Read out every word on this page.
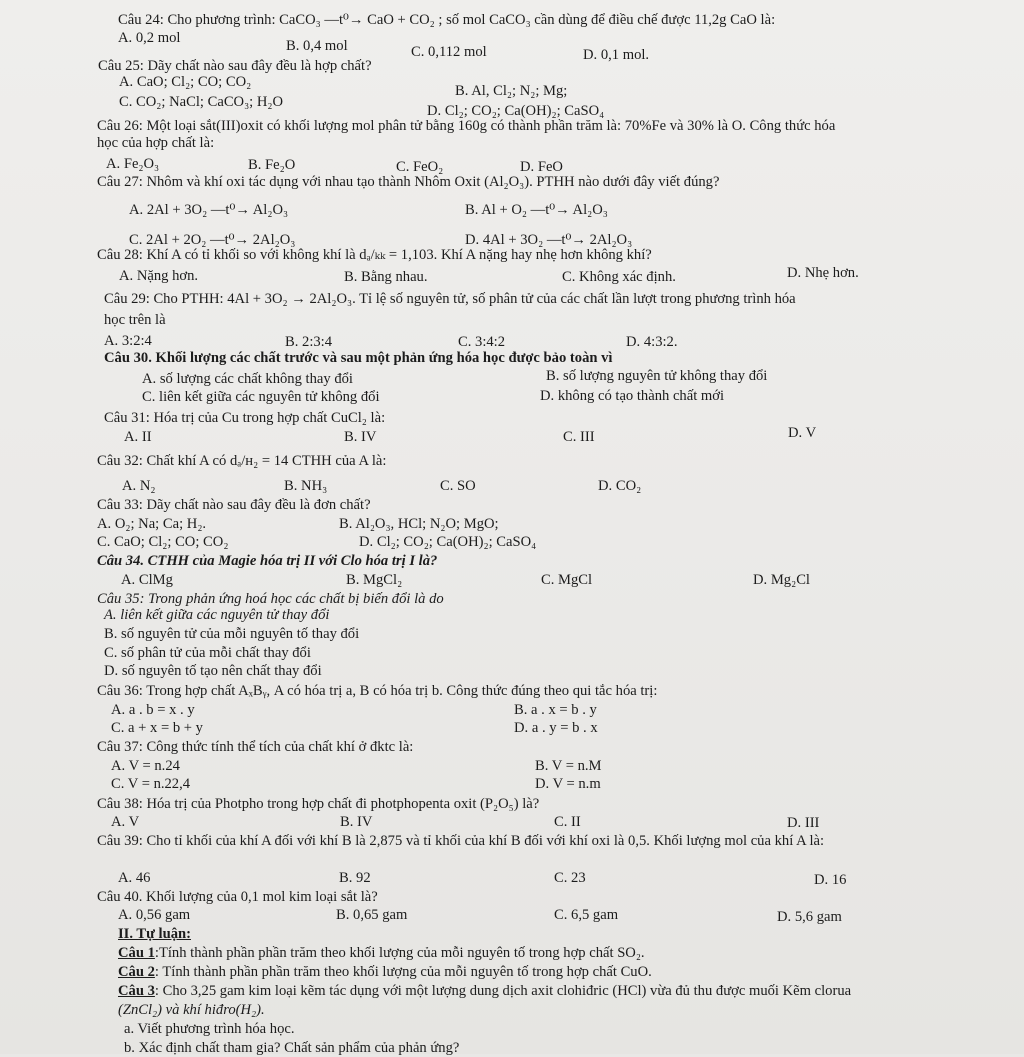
Câu 24: Cho phương trình: CaCO₃ —t⁰→ CaO + CO₂ ; số mol CaCO₃ cần dùng để điều chế được 11,2g CaO là:
A. 0,2 mol	B. 0,4 mol	C. 0,112 mol	D. 0,1 mol.
Câu 25: Dãy chất nào sau đây đều là hợp chất?
A. CaO; Cl₂; CO; CO₂
B. Al, Cl₂; N₂; Mg;
C. CO₂; NaCl; CaCO₃; H₂O
D. Cl₂; CO₂; Ca(OH)₂; CaSO₄
Câu 26: Một loại sắt(III)oxit có khối lượng mol phân tử bằng 160g có thành phần trăm là: 70%Fe và 30% là O. Công thức hóa
học của hợp chất là:
A. Fe₂O₃	B. Fe₂O	C. FeO₂	D. FeO
Câu 27: Nhôm và khí oxi tác dụng với nhau tạo thành Nhôm Oxit (Al₂O₃). PTHH nào dưới đây viết đúng?
A. 2Al + 3O₂ —t⁰→ Al₂O₃	B. Al + O₂ —t⁰→ Al₂O₃
C. 2Al + 2O₂ —t⁰→ 2Al₂O₃	D. 4Al + 3O₂ —t⁰→ 2Al₂O₃
Câu 28: Khí A có tỉ khối so với không khí là dₐ/ₖₖ = 1,103. Khí A nặng hay nhẹ hơn không khí?
A. Nặng hơn.	B. Bằng nhau.	C. Không xác định.	D. Nhẹ hơn.
Câu 29: Cho PTHH: 4Al + 3O₂ → 2Al₂O₃. Tỉ lệ số nguyên tử, số phân tử của các chất lần lượt trong phương trình hóa
học trên là
A. 3:2:4	B. 2:3:4	C. 3:4:2	D. 4:3:2.
Câu 30. Khối lượng các chất trước và sau một phản ứng hóa học được bảo toàn vì
A. số lượng các chất không thay đổi	B. số lượng nguyên tử không thay đổi
C. liên kết giữa các nguyên tử không đổi	D. không có tạo thành chất mới
Câu 31: Hóa trị của Cu trong hợp chất CuCl₂ là:
A. II	B. IV	C. III	D. V
Câu 32: Chất khí A có dₐ/ʜ₂ = 14 CTHH của A là:
A. N₂	B. NH₃	C. SO	D. CO₂
Câu 33: Dãy chất nào sau đây đều là đơn chất?
A. O₂; Na; Ca; H₂.	B. Al₂O₃, HCl; N₂O; MgO;
C. CaO; Cl₂; CO; CO₂	D. Cl₂; CO₂; Ca(OH)₂; CaSO₄
Câu 34. CTHH của Magie hóa trị II với Clo hóa trị I là?
A. ClMg	B. MgCl₂	C. MgCl	D. Mg₂Cl
Câu 35: Trong phản ứng hoá học các chất bị biến đổi là do
A. liên kết giữa các nguyên tử thay đổi
B. số nguyên tử của mỗi nguyên tố thay đổi
C. số phân tử của mỗi chất thay đổi
D. số nguyên tố tạo nên chất thay đổi
Câu 36: Trong hợp chất AₓBᵧ, A có hóa trị a, B có hóa trị b. Công thức đúng theo qui tắc hóa trị:
A. a . b = x . y	B. a . x = b . y
C. a + x = b + y	D. a . y = b . x
Câu 37: Công thức tính thể tích của chất khí ở đktc là:
A. V = n.24	B. V = n.M
C. V = n.22,4	D. V = n.m
Câu 38: Hóa trị của Photpho trong hợp chất đi photphopenta oxit (P₂O₅) là?
A. V	B. IV	C. II	D. III
Câu 39: Cho tỉ khối của khí A đối với khí B là 2,875 và tỉ khối của khí B đối với khí oxi là 0,5. Khối lượng mol của khí A là:
A. 46	B. 92	C. 23	D. 16
Câu 40. Khối lượng của 0,1 mol kim loại sắt là?
A. 0,56 gam	B. 0,65 gam	C. 6,5 gam	D. 5,6 gam
II. Tự luận:
Câu 1:Tính thành phần phần trăm theo khối lượng của mỗi nguyên tố trong hợp chất SO₂.
Câu 2: Tính thành phần phần trăm theo khối lượng của mỗi nguyên tố trong hợp chất CuO.
Câu 3: Cho 3,25 gam kim loại kẽm tác dụng với một lượng dung dịch axit clohiđric (HCl) vừa đủ thu được muối Kẽm clorua
(ZnCl₂) và khí hiđro(H₂).
a. Viết phương trình hóa học.
b. Xác định chất tham gia? Chất sản phẩm của phản ứng?
